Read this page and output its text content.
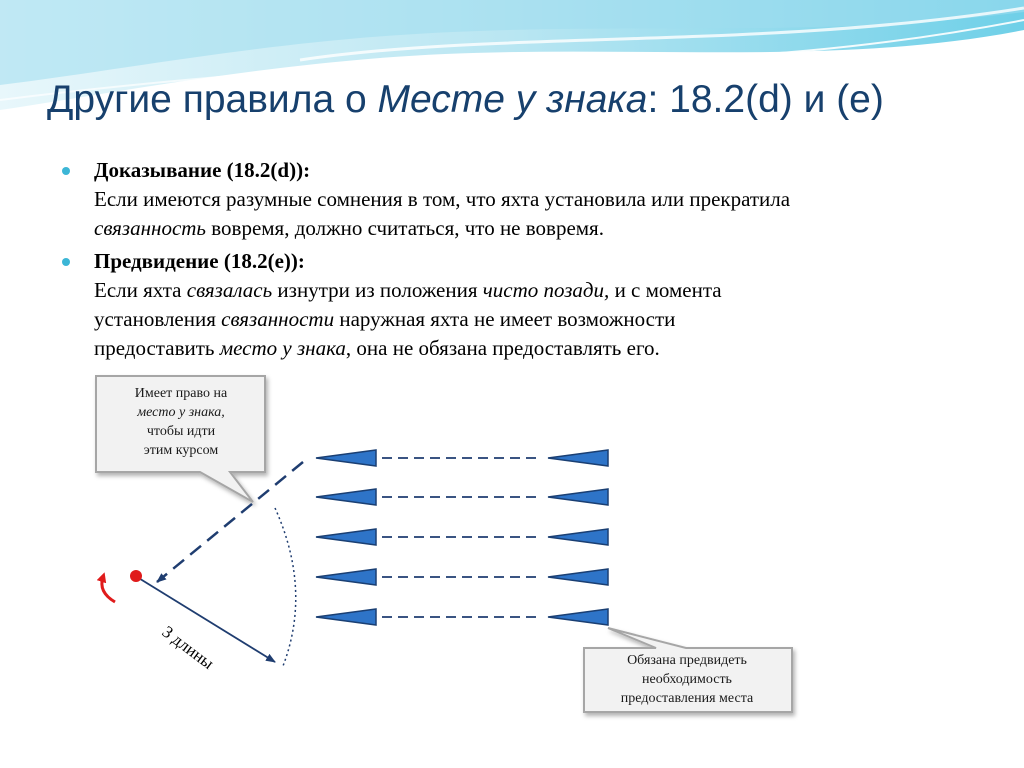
Другие правила о Месте у знака: 18.2(d) и (е)
Доказывание (18.2(d)):
Если имеются разумные сомнения в том, что яхта установила или прекратила
связанность вовремя, должно считаться, что не вовремя.
Предвидение (18.2(е)):
Если яхта связалась изнутри из положения чисто позади, и с момента
установления связанности наружная яхта не имеет возможности
предоставить место у знака, она не обязана предоставлять его.
Имеет право на
место у знака,
чтобы идти
этим курсом
Обязана предвидеть
необходимость
предоставления места
3 длины
